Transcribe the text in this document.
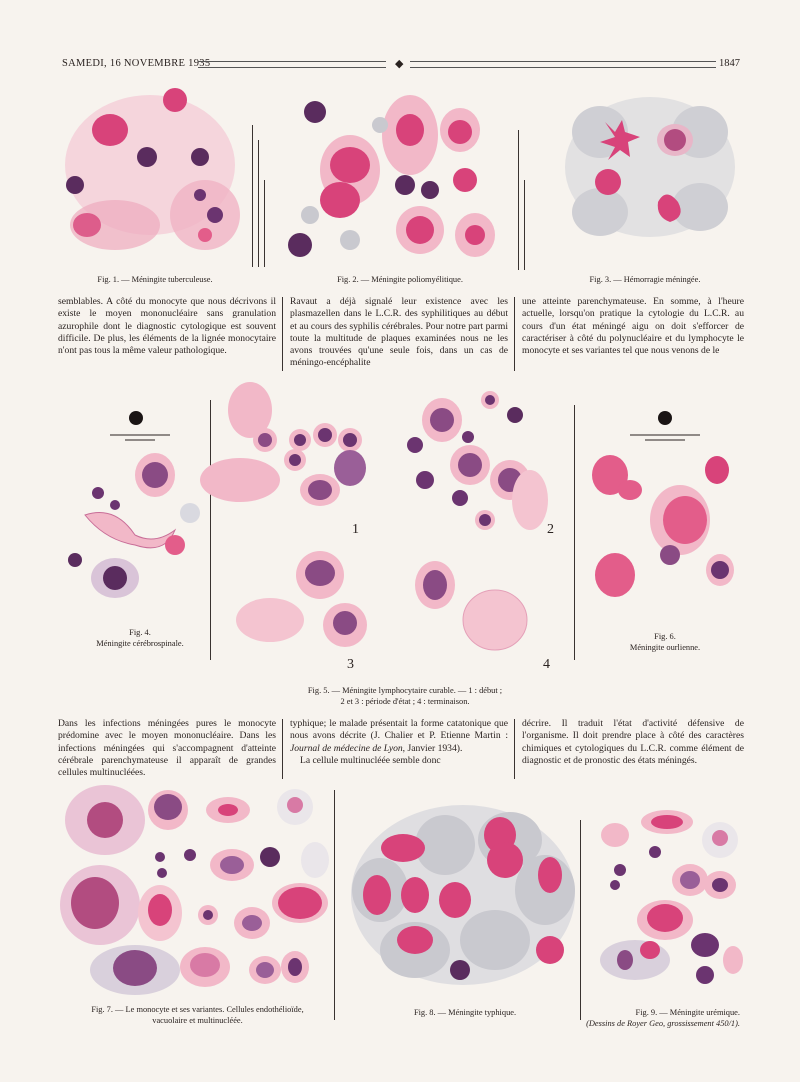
SAMEDI, 16 NOVEMBRE 1935	◆	1847
Fig. 1. — Méningite tuberculeuse.	Fig. 2. — Méningite poliomyélitique.	Fig. 3. — Hémorragie méningée.
semblables. A côté du monocyte que nous décrivons il existe le moyen mononucléaire sans granulation azurophile dont le diagnostic cytologique est souvent difficile. De plus, les éléments de la lignée monocytaire n'ont pas tous la même valeur pathologique.
Ravaut a déjà signalé leur existence avec les plasmazellen dans le L.C.R. des syphilitiques au début et au cours des syphilis cérébrales. Pour notre part parmi toute la multitude de plaques examinées nous ne les avons trouvées qu'une seule fois, dans un cas de méningo-encéphalite
une atteinte parenchymateuse. En somme, à l'heure actuelle, lorsqu'on pratique la cytologie du L.C.R. au cours d'un état méningé aigu on doit s'efforcer de caractériser à côté du polynucléaire et du lymphocyte le monocyte et ses variantes tel que nous venons de le
Fig. 4.
Méningite cérébrospinale.
1	2
3	4
Fig. 5. — Méningite lymphocytaire curable. — 1 : début ;
2 et 3 : période d'état ; 4 : terminaison.
Fig. 6.
Méningite ourlienne.
Dans les infections méningées pures le monocyte prédomine avec le moyen mononucléaire. Dans les infections méningées qui s'accompagnent d'atteinte cérébrale parenchymateuse il apparaît de grandes cellules multinucléées.
typhique; le malade présentait la forme catatonique que nous avons décrite (J. Chalier et P. Etienne Martin : Journal de médecine de Lyon, Janvier 1934).
La cellule multinucléée semble donc
décrire. Il traduit l'état d'activité défensive de l'organisme. Il doit prendre place à côté des caractères chimiques et cytologiques du L.C.R. comme élément de diagnostic et de pronostic des états méningés.
Fig. 7. — Le monocyte et ses variantes. Cellules endothélioïde,
vacuolaire et multinucléée.
Fig. 8. — Méningite typhique.	Fig. 9. — Méningite urémique.
(Dessins de Royer Geo, grossissement 450/1).
